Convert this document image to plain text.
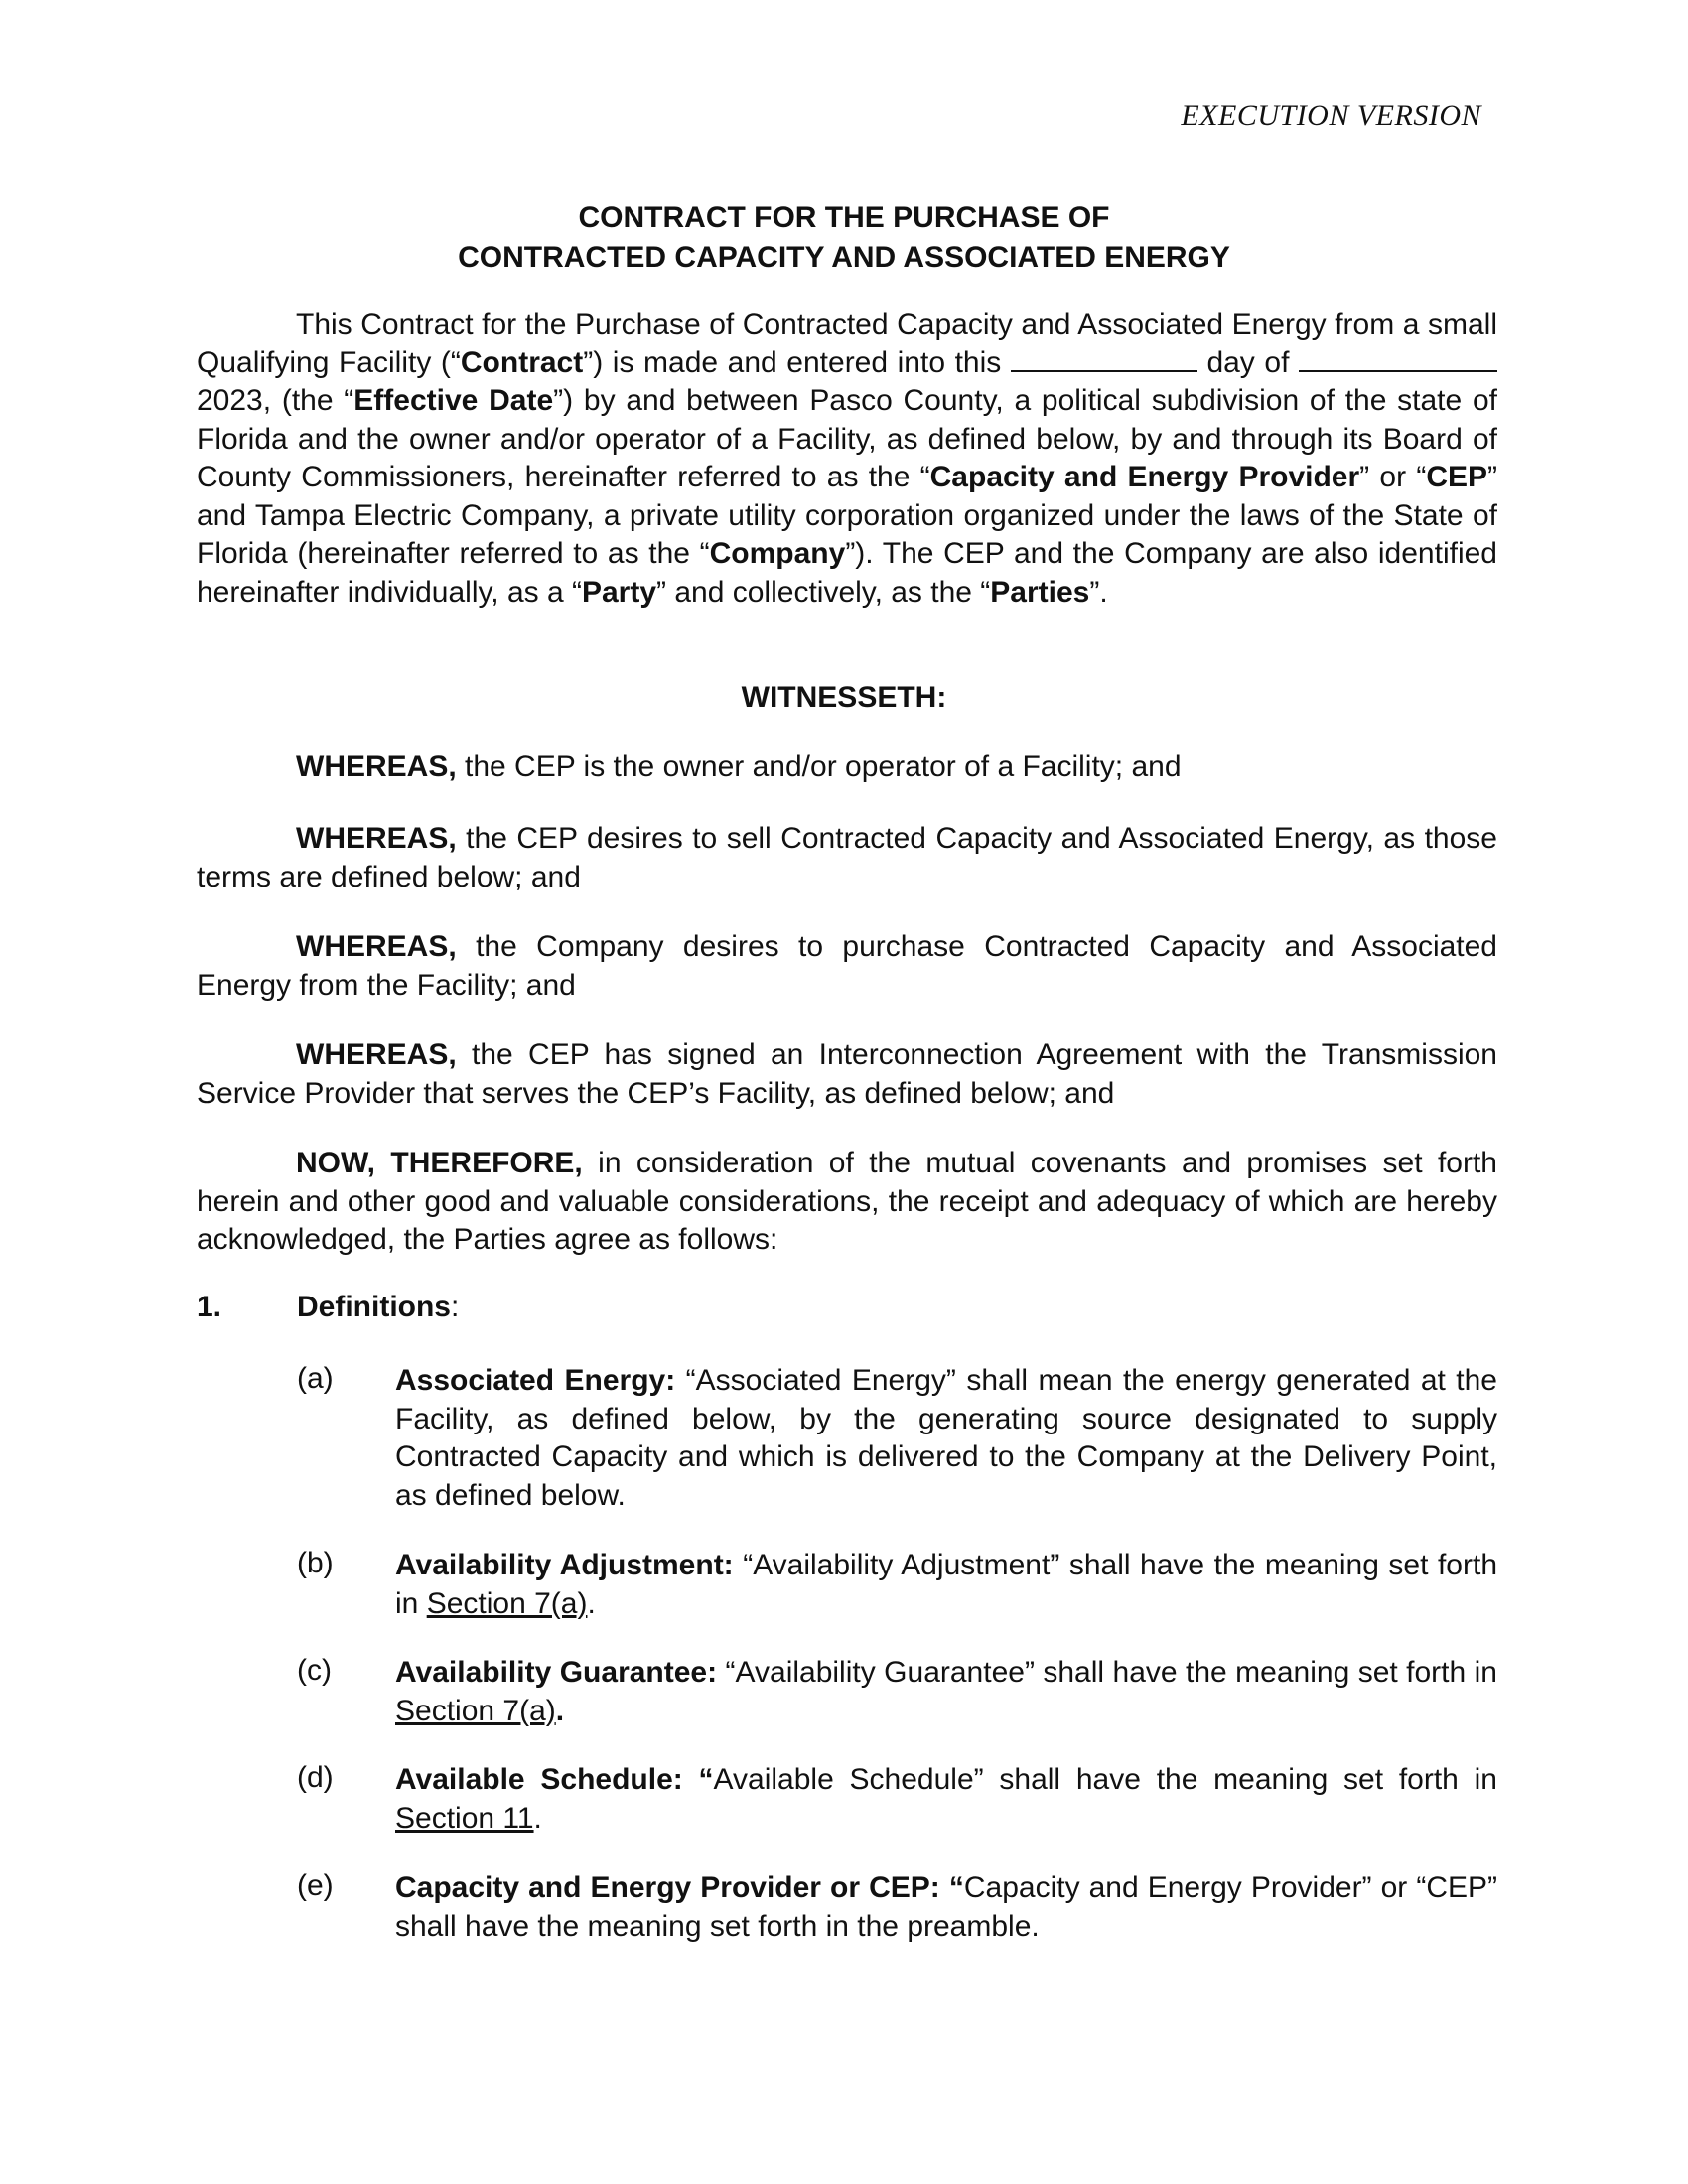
EXECUTION VERSION
CONTRACT FOR THE PURCHASE OF
CONTRACTED CAPACITY AND ASSOCIATED ENERGY
This Contract for the Purchase of Contracted Capacity and Associated Energy from a small Qualifying Facility (“Contract”) is made and entered into this	day of  2023, (the “Effective Date”) by and between Pasco County, a political subdivision of the state of Florida and the owner and/or operator of a Facility, as defined below, by and through its Board of County Commissioners, hereinafter referred to as the “Capacity and Energy Provider” or “CEP” and Tampa Electric Company, a private utility corporation organized under the laws of the State of Florida (hereinafter referred to as the “Company”). The CEP and the Company are also identified hereinafter individually, as a “Party” and collectively, as the “Parties”.
WITNESSETH:
WHEREAS, the CEP is the owner and/or operator of a Facility; and
WHEREAS, the CEP desires to sell Contracted Capacity and Associated Energy, as those terms are defined below; and
WHEREAS, the Company desires to purchase Contracted Capacity and Associated Energy from the Facility; and
WHEREAS, the CEP has signed an Interconnection Agreement with the Transmission Service Provider that serves the CEP’s Facility, as defined below; and
NOW, THEREFORE, in consideration of the mutual covenants and promises set forth herein and other good and valuable considerations, the receipt and adequacy of which are hereby acknowledged, the Parties agree as follows:
1.	Definitions:
(a) Associated Energy: “Associated Energy” shall mean the energy generated at the Facility, as defined below, by the generating source designated to supply Contracted Capacity and which is delivered to the Company at the Delivery Point, as defined below.
(b) Availability Adjustment: “Availability Adjustment” shall have the meaning set forth in Section 7(a).
(c) Availability Guarantee: “Availability Guarantee” shall have the meaning set forth in Section 7(a).
(d) Available Schedule: “Available Schedule” shall have the meaning set forth in Section 11.
(e) Capacity and Energy Provider or CEP: “Capacity and Energy Provider” or “CEP” shall have the meaning set forth in the preamble.
